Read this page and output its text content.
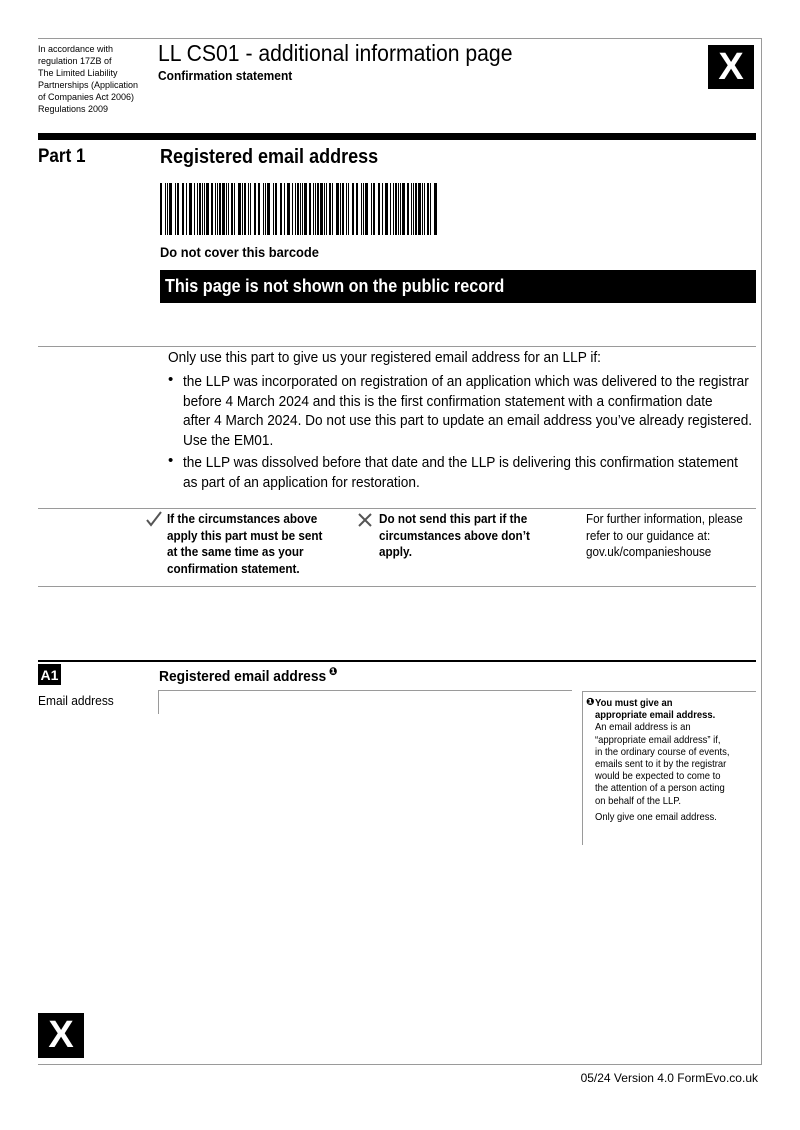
In accordance with
regulation 17ZB of
The Limited Liability
Partnerships (Application
of Companies Act 2006)
Regulations 2009
LL CS01 - additional information page
Confirmation statement	X
Part 1	Registered email address
Do not cover this barcode
This page is not shown on the public record
Only use this part to give us your registered email address for an LLP if:
• the LLP was incorporated on registration of an application which was delivered to the registrar
before 4 March 2024 and this is the first confirmation statement with a confirmation date
after 4 March 2024. Do not use this part to update an email address you’ve already registered.
Use the EM01.
• the LLP was dissolved before that date and the LLP is delivering this confirmation statement
as part of an application for restoration.
If the circumstances above
apply this part must be sent
at the same time as your
confirmation statement.
Do not send this part if the
circumstances above don’t
apply.
For further information, please
refer to our guidance at:
gov.uk/companieshouse
A1	Registered email address $^❶$
Email address	❶ You must give an
appropriate email address.
An email address is an
“appropriate email address” if,
in the ordinary course of events,
emails sent to it by the registrar
would be expected to come to
the attention of a person acting
on behalf of the LLP.
Only give one email address.
X
05/24 Version 4.0 FormEvo.co.uk
